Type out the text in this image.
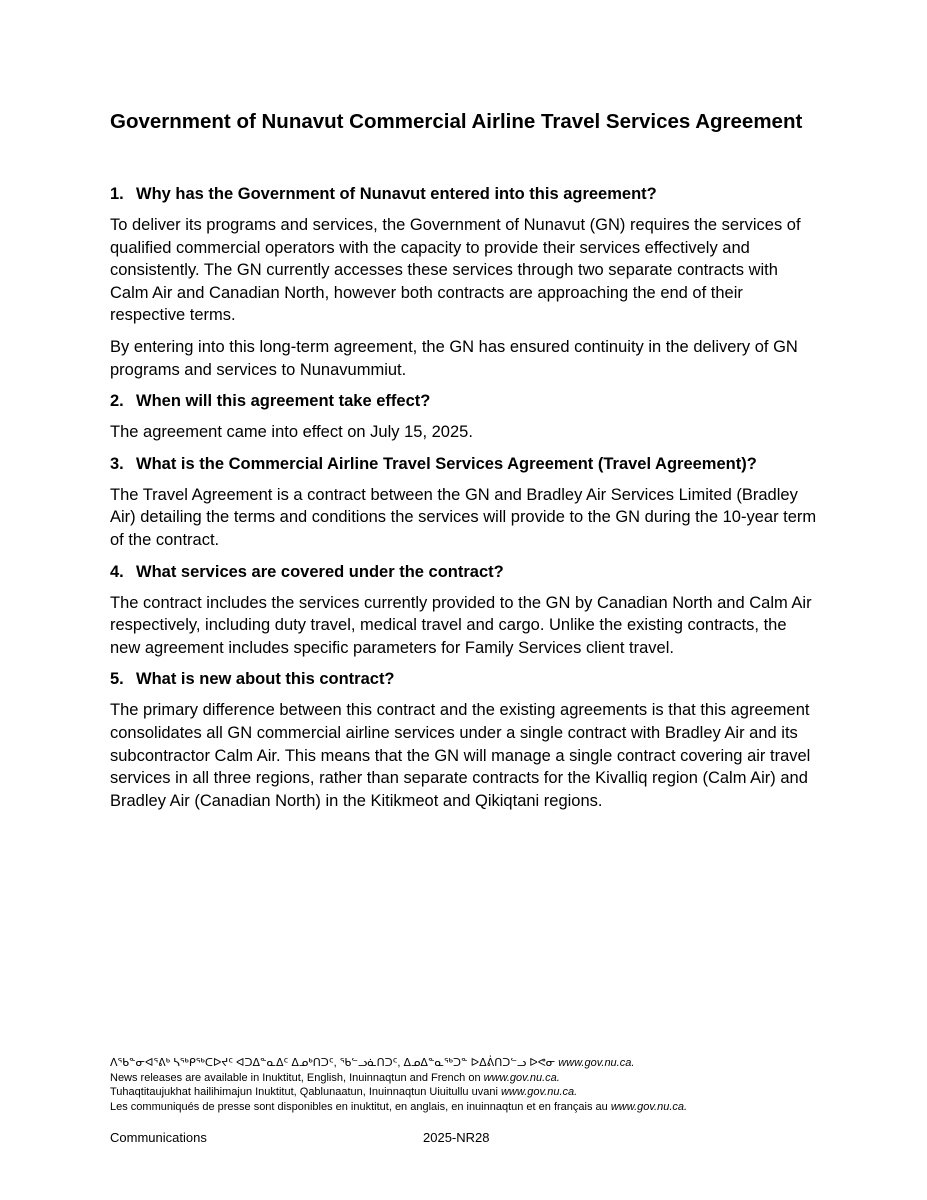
Government of Nunavut Commercial Airline Travel Services Agreement
1. Why has the Government of Nunavut entered into this agreement?

To deliver its programs and services, the Government of Nunavut (GN) requires the services of qualified commercial operators with the capacity to provide their services effectively and consistently. The GN currently accesses these services through two separate contracts with Calm Air and Canadian North, however both contracts are approaching the end of their respective terms.

By entering into this long-term agreement, the GN has ensured continuity in the delivery of GN programs and services to Nunavummiut.

2. When will this agreement take effect?

The agreement came into effect on July 15, 2025.

3. What is the Commercial Airline Travel Services Agreement (Travel Agreement)?

The Travel Agreement is a contract between the GN and Bradley Air Services Limited (Bradley Air) detailing the terms and conditions the services will provide to the GN during the 10-year term of the contract.

4. What services are covered under the contract?

The contract includes the services currently provided to the GN by Canadian North and Calm Air respectively, including duty travel, medical travel and cargo. Unlike the existing contracts, the new agreement includes specific parameters for Family Services client travel.

5. What is new about this contract?

The primary difference between this contract and the existing agreements is that this agreement consolidates all GN commercial airline services under a single contract with Bradley Air and its subcontractor Calm Air. This means that the GN will manage a single contract covering air travel services in all three regions, rather than separate contracts for the Kivalliq region (Calm Air) and Bradley Air (Canadian North) in the Kitikmeot and Qikiqtani regions.

ᐱᖃᓐᓂᐊᕐᕕᒃ ᓴᖅᑭᖅᑕᐅᔪᑦ ᐊᑐᐃᓐᓇᐃᑦ ᐃᓄᒃᑎᑐᑦ, ᖃᓪᓗᓈᑎᑐᑦ, ᐃᓄᐃᓐᓇᖅᑐᓐ ᐅᐃᕖᑎᑐᓪᓗ ᐅᕙᓂ www.gov.nu.ca.
News releases are available in Inuktitut, English, Inuinnaqtun and French on www.gov.nu.ca.
Tuhaqtitaujukhat hailihimajun Inuktitut, Qablunaatun, Inuinnaqtun Uiuitullu uvani www.gov.nu.ca.
Les communiqués de presse sont disponibles en inuktitut, en anglais, en inuinnaqtun et en français au www.gov.nu.ca.
Communications	2025-NR28
